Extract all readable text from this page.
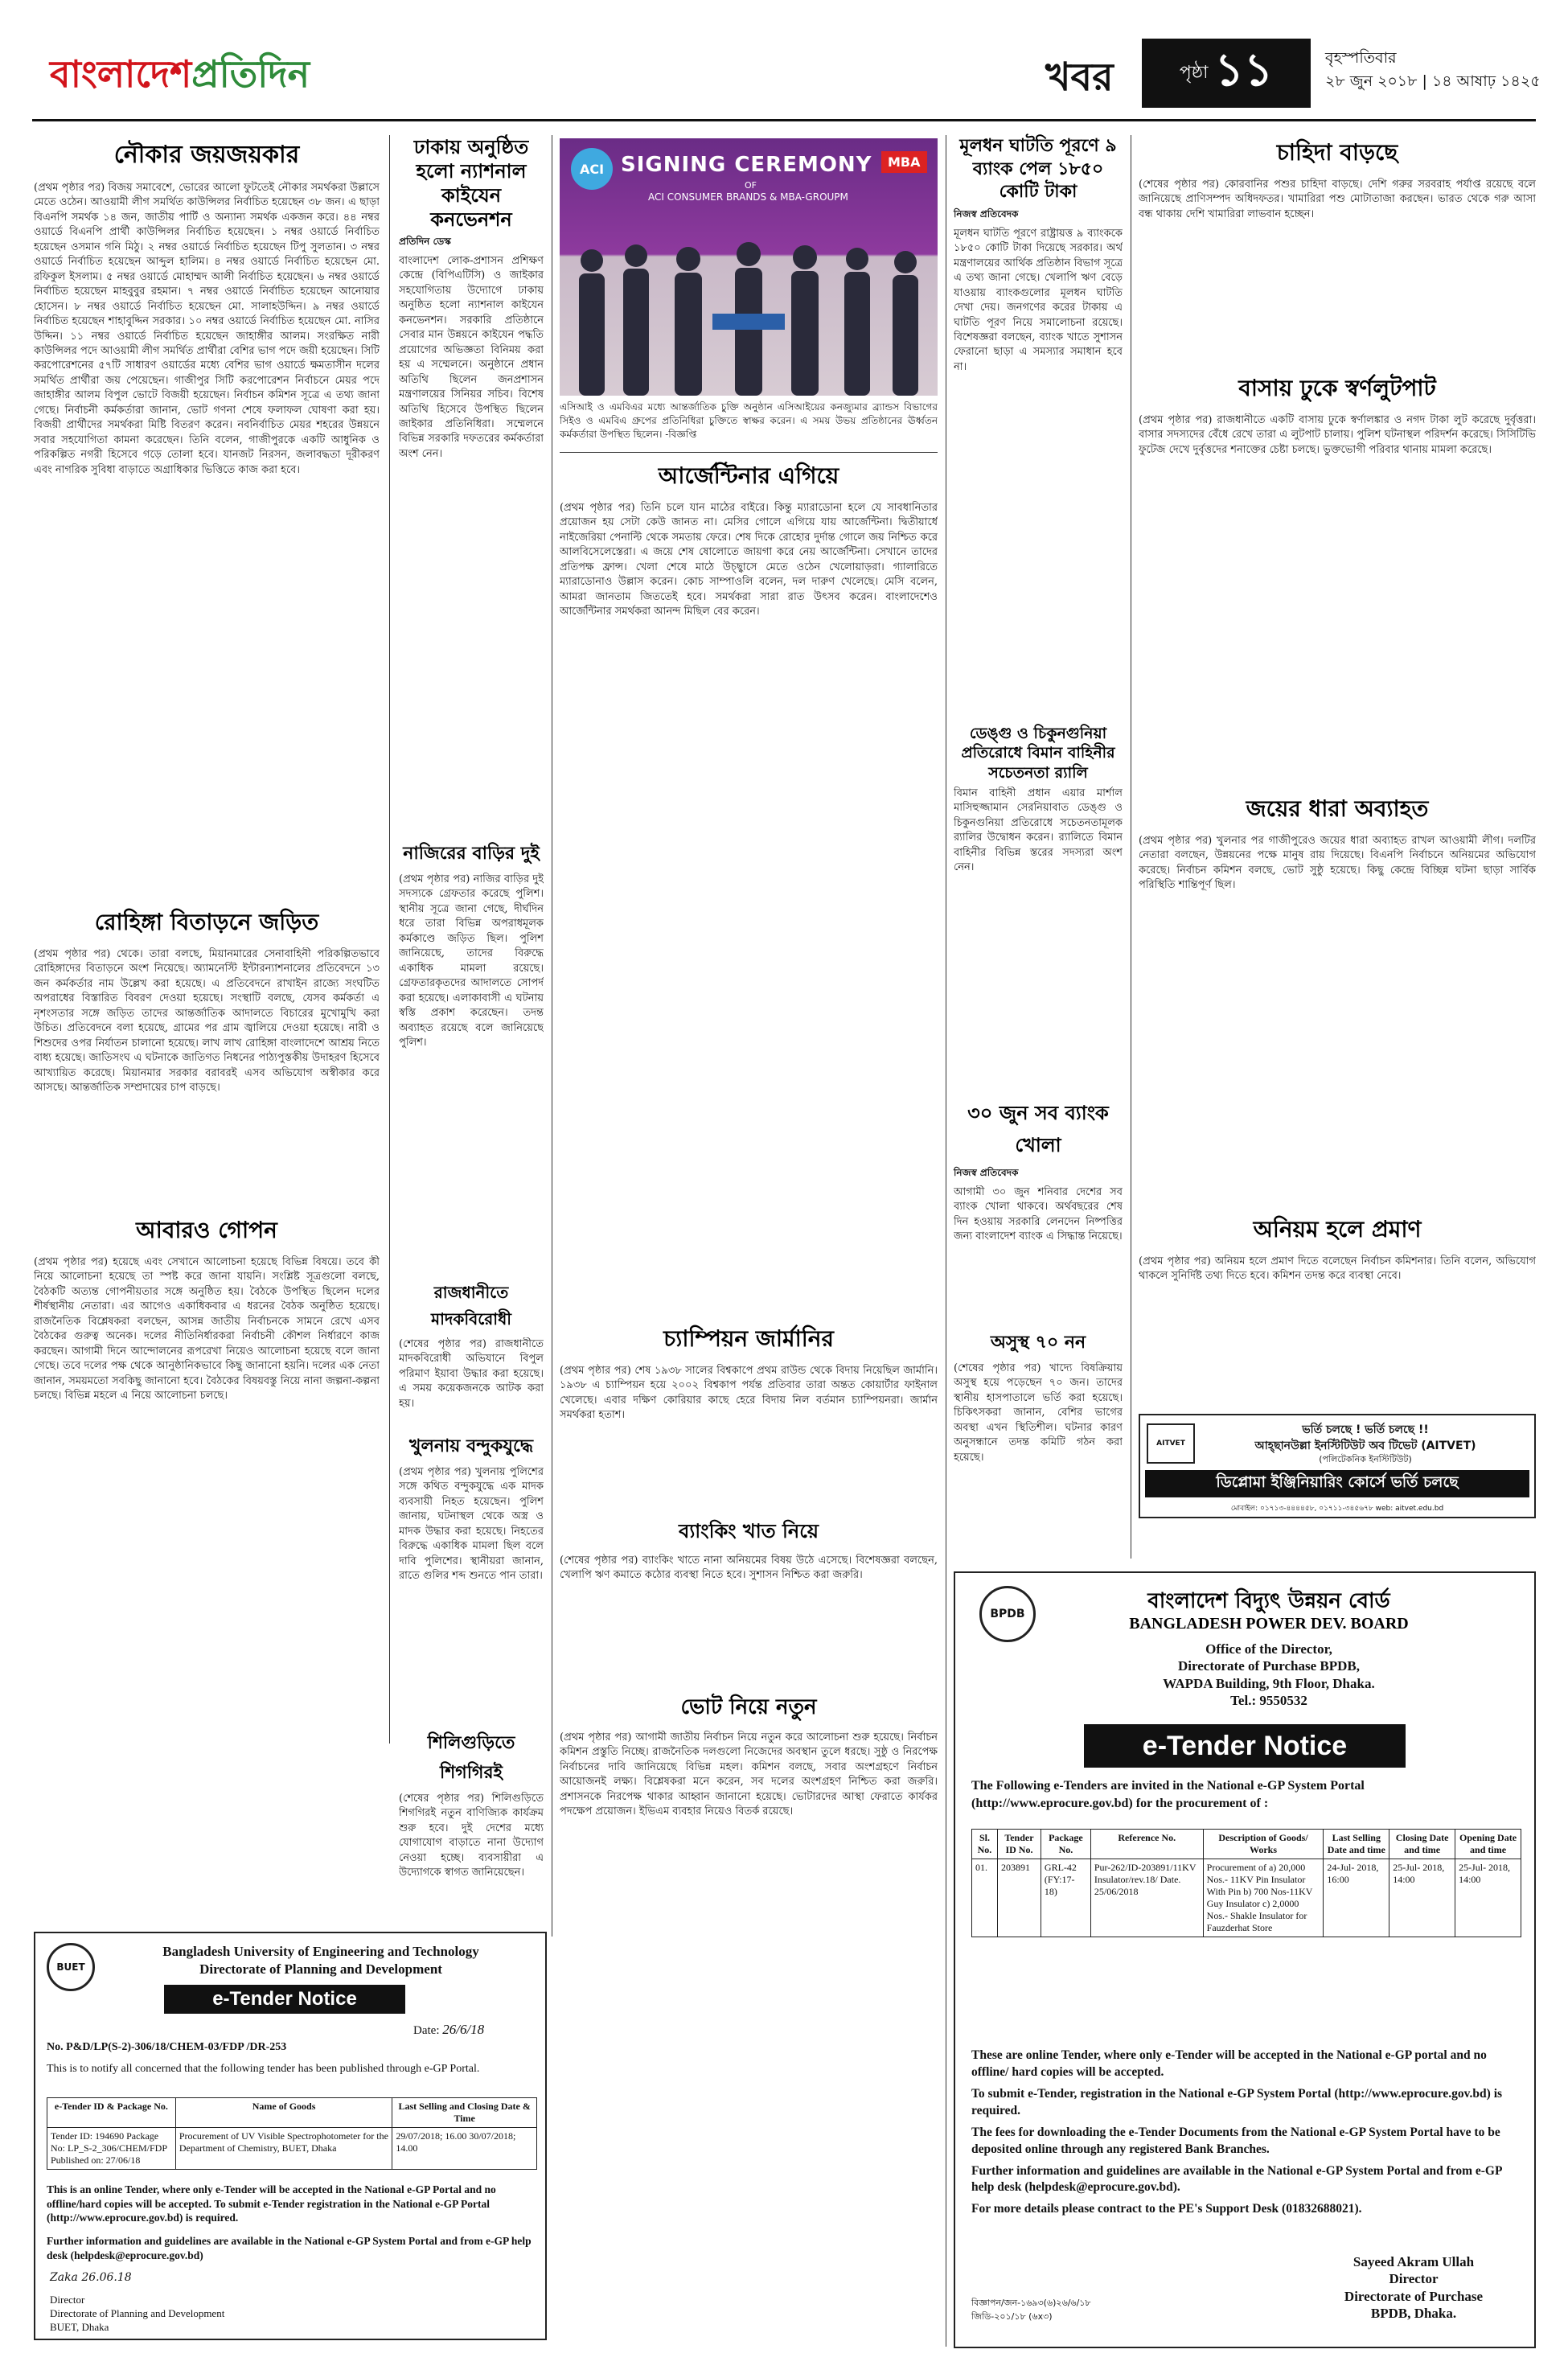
বাংলাদেশপ্রতিদিন	খবর	পৃষ্ঠা ১১	বৃহস্পতিবার
২৮ জুন ২০১৮ | ১৪ আষাঢ় ১৪২৫
নৌকার জয়জয়কার
(প্রথম পৃষ্ঠার পর) বিজয় সমাবেশে, ভোরের আলো ফুটতেই নৌকার সমর্থকরা উল্লাসে মেতে ওঠেন। আওয়ামী লীগ সমর্থিত কাউন্সিলর নির্বাচিত হয়েছেন ৩৮ জন। এ ছাড়া বিএনপি সমর্থক ১৪ জন, জাতীয় পার্টি ও অন্যান্য সমর্থক একজন করে। ৪৪ নম্বর ওয়ার্ডে বিএনপি প্রার্থী কাউন্সিলর নির্বাচিত হয়েছেন। ১ নম্বর ওয়ার্ডে নির্বাচিত হয়েছেন ওসমান গনি মিঠু। ২ নম্বর ওয়ার্ডে নির্বাচিত হয়েছেন টিপু সুলতান। ৩ নম্বর ওয়ার্ডে নির্বাচিত হয়েছেন আব্দুল হালিম। ৪ নম্বর ওয়ার্ডে নির্বাচিত হয়েছেন মো. রফিকুল ইসলাম। ৫ নম্বর ওয়ার্ডে মোহাম্মদ আলী নির্বাচিত হয়েছেন। ৬ নম্বর ওয়ার্ডে নির্বাচিত হয়েছেন মাহবুবুর রহমান। ৭ নম্বর ওয়ার্ডে নির্বাচিত হয়েছেন আনোয়ার হোসেন। ৮ নম্বর ওয়ার্ডে নির্বাচিত হয়েছেন মো. সালাহউদ্দিন। ৯ নম্বর ওয়ার্ডে নির্বাচিত হয়েছেন শাহাবুদ্দিন সরকার। ১০ নম্বর ওয়ার্ডে নির্বাচিত হয়েছেন মো. নাসির উদ্দিন। ১১ নম্বর ওয়ার্ডে নির্বাচিত হয়েছেন জাহাঙ্গীর আলম। সংরক্ষিত নারী কাউন্সিলর পদে আওয়ামী লীগ সমর্থিত প্রার্থীরা বেশির ভাগ পদে জয়ী হয়েছেন। সিটি করপোরেশনের ৫৭টি সাধারণ ওয়ার্ডের মধ্যে বেশির ভাগ ওয়ার্ডে ক্ষমতাসীন দলের সমর্থিত প্রার্থীরা জয় পেয়েছেন। গাজীপুর সিটি করপোরেশন নির্বাচনে মেয়র পদে জাহাঙ্গীর আলম বিপুল ভোটে বিজয়ী হয়েছেন। নির্বাচন কমিশন সূত্রে এ তথ্য জানা গেছে। নির্বাচনী কর্মকর্তারা জানান, ভোট গণনা শেষে ফলাফল ঘোষণা করা হয়। বিজয়ী প্রার্থীদের সমর্থকরা মিষ্টি বিতরণ করেন। নবনির্বাচিত মেয়র শহরের উন্নয়নে সবার সহযোগিতা কামনা করেছেন। তিনি বলেন, গাজীপুরকে একটি আধুনিক ও পরিকল্পিত নগরী হিসেবে গড়ে তোলা হবে। যানজট নিরসন, জলাবদ্ধতা দূরীকরণ এবং নাগরিক সুবিধা বাড়াতে অগ্রাধিকার ভিত্তিতে কাজ করা হবে।
রোহিঙ্গা বিতাড়নে জড়িত
(প্রথম পৃষ্ঠার পর) থেকে। তারা বলছে, মিয়ানমারের সেনাবাহিনী পরিকল্পিতভাবে রোহিঙ্গাদের বিতাড়নে অংশ নিয়েছে। অ্যামনেস্টি ইন্টারন্যাশনালের প্রতিবেদনে ১৩ জন কর্মকর্তার নাম উল্লেখ করা হয়েছে। এ প্রতিবেদনে রাখাইন রাজ্যে সংঘটিত অপরাধের বিস্তারিত বিবরণ দেওয়া হয়েছে। সংস্থাটি বলছে, যেসব কর্মকর্তা এ নৃশংসতার সঙ্গে জড়িত তাদের আন্তর্জাতিক আদালতে বিচারের মুখোমুখি করা উচিত। প্রতিবেদনে বলা হয়েছে, গ্রামের পর গ্রাম জ্বালিয়ে দেওয়া হয়েছে। নারী ও শিশুদের ওপর নির্যাতন চালানো হয়েছে। লাখ লাখ রোহিঙ্গা বাংলাদেশে আশ্রয় নিতে বাধ্য হয়েছে। জাতিসংঘ এ ঘটনাকে জাতিগত নিধনের পাঠ্যপুস্তকীয় উদাহরণ হিসেবে আখ্যায়িত করেছে। মিয়ানমার সরকার বরাবরই এসব অভিযোগ অস্বীকার করে আসছে। আন্তর্জাতিক সম্প্রদায়ের চাপ বাড়ছে।
আবারও গোপন
(প্রথম পৃষ্ঠার পর) হয়েছে এবং সেখানে আলোচনা হয়েছে বিভিন্ন বিষয়ে। তবে কী নিয়ে আলোচনা হয়েছে তা স্পষ্ট করে জানা যায়নি। সংশ্লিষ্ট সূত্রগুলো বলছে, বৈঠকটি অত্যন্ত গোপনীয়তার সঙ্গে অনুষ্ঠিত হয়। বৈঠকে উপস্থিত ছিলেন দলের শীর্ষস্থানীয় নেতারা। এর আগেও একাধিকবার এ ধরনের বৈঠক অনুষ্ঠিত হয়েছে। রাজনৈতিক বিশ্লেষকরা বলছেন, আসন্ন জাতীয় নির্বাচনকে সামনে রেখে এসব বৈঠকের গুরুত্ব অনেক। দলের নীতিনির্ধারকরা নির্বাচনী কৌশল নির্ধারণে কাজ করছেন। আগামী দিনে আন্দোলনের রূপরেখা নিয়েও আলোচনা হয়েছে বলে জানা গেছে। তবে দলের পক্ষ থেকে আনুষ্ঠানিকভাবে কিছু জানানো হয়নি। দলের এক নেতা জানান, সময়মতো সবকিছু জানানো হবে। বৈঠকের বিষয়বস্তু নিয়ে নানা জল্পনা-কল্পনা চলছে। বিভিন্ন মহলে এ নিয়ে আলোচনা চলছে।
ঢাকায় অনুষ্ঠিত হলো ন্যাশনাল কাইযেন কনভেনশন
প্রতিদিন ডেস্ক
বাংলাদেশ লোক-প্রশাসন প্রশিক্ষণ কেন্দ্রে (বিপিএটিসি) ও জাইকার সহযোগিতায় উদ্যোগে ঢাকায় অনুষ্ঠিত হলো ন্যাশনাল কাইযেন কনভেনশন। সরকারি প্রতিষ্ঠানে সেবার মান উন্নয়নে কাইযেন পদ্ধতি প্রয়োগের অভিজ্ঞতা বিনিময় করা হয় এ সম্মেলনে। অনুষ্ঠানে প্রধান অতিথি ছিলেন জনপ্রশাসন মন্ত্রণালয়ের সিনিয়র সচিব। বিশেষ অতিথি হিসেবে উপস্থিত ছিলেন জাইকার প্রতিনিধিরা। সম্মেলনে বিভিন্ন সরকারি দফতরের কর্মকর্তারা অংশ নেন।
নাজিরের বাড়ির দুই
(প্রথম পৃষ্ঠার পর) নাজির বাড়ির দুই সদস্যকে গ্রেফতার করেছে পুলিশ। স্থানীয় সূত্রে জানা গেছে, দীর্ঘদিন ধরে তারা বিভিন্ন অপরাধমূলক কর্মকাণ্ডে জড়িত ছিল। পুলিশ জানিয়েছে, তাদের বিরুদ্ধে একাধিক মামলা রয়েছে। গ্রেফতারকৃতদের আদালতে সোপর্দ করা হয়েছে। এলাকাবাসী এ ঘটনায় স্বস্তি প্রকাশ করেছেন। তদন্ত অব্যাহত রয়েছে বলে জানিয়েছে পুলিশ।
রাজধানীতে মাদকবিরোধী
(শেষের পৃষ্ঠার পর) রাজধানীতে মাদকবিরোধী অভিযানে বিপুল পরিমাণ ইয়াবা উদ্ধার করা হয়েছে। এ সময় কয়েকজনকে আটক করা হয়।
খুলনায় বন্দুকযুদ্ধে
(প্রথম পৃষ্ঠার পর) খুলনায় পুলিশের সঙ্গে কথিত বন্দুকযুদ্ধে এক মাদক ব্যবসায়ী নিহত হয়েছেন। পুলিশ জানায়, ঘটনাস্থল থেকে অস্ত্র ও মাদক উদ্ধার করা হয়েছে। নিহতের বিরুদ্ধে একাধিক মামলা ছিল বলে দাবি পুলিশের। স্থানীয়রা জানান, রাতে গুলির শব্দ শুনতে পান তারা।
শিলিগুড়িতে শিগগিরই
(শেষের পৃষ্ঠার পর) শিলিগুড়িতে শিগগিরই নতুন বাণিজ্যিক কার্যক্রম শুরু হবে। দুই দেশের মধ্যে যোগাযোগ বাড়াতে নানা উদ্যোগ নেওয়া হচ্ছে। ব্যবসায়ীরা এ উদ্যোগকে স্বাগত জানিয়েছেন।
ACI SIGNING CEREMONY
OF
ACI CONSUMER BRANDS & MBA-GROUPM
MBA
এসিআই ও এমবিএর মধ্যে আন্তর্জাতিক চুক্তি অনুষ্ঠান এসিআইয়ের কনজ্যুমার ব্র্যান্ডস বিভাগের সিইও ও এমবিএ গ্রুপের প্রতিনিধিরা চুক্তিতে স্বাক্ষর করেন। এ সময় উভয় প্রতিষ্ঠানের ঊর্ধ্বতন কর্মকর্তারা উপস্থিত ছিলেন। -বিজ্ঞপ্তি
আর্জেন্টিনার এগিয়ে
(প্রথম পৃষ্ঠার পর) তিনি চলে যান মাঠের বাইরে। কিন্তু ম্যারাডোনা হলে যে সাবধানিতার প্রয়োজন হয় সেটা কেউ জানত না। মেসির গোলে এগিয়ে যায় আর্জেন্টিনা। দ্বিতীয়ার্ধে নাইজেরিয়া পেনাল্টি থেকে সমতায় ফেরে। শেষ দিকে রোহোর দুর্দান্ত গোলে জয় নিশ্চিত করে আলবিসেলেস্তেরা। এ জয়ে শেষ ষোলোতে জায়গা করে নেয় আর্জেন্টিনা। সেখানে তাদের প্রতিপক্ষ ফ্রান্স। খেলা শেষে মাঠে উচ্ছ্বাসে মেতে ওঠেন খেলোয়াড়রা। গ্যালারিতে ম্যারাডোনাও উল্লাস করেন। কোচ সাম্পাওলি বলেন, দল দারুণ খেলেছে। মেসি বলেন, আমরা জানতাম জিততেই হবে। সমর্থকরা সারা রাত উৎসব করেন। বাংলাদেশেও আর্জেন্টিনার সমর্থকরা আনন্দ মিছিল বের করেন।
চ্যাম্পিয়ন জার্মানির
(প্রথম পৃষ্ঠার পর) শেষ ১৯৩৮ সালের বিশ্বকাপে প্রথম রাউন্ড থেকে বিদায় নিয়েছিল জার্মানি। ১৯৩৮ এ চ্যাম্পিয়ন হয়ে ২০০২ বিশ্বকাপ পর্যন্ত প্রতিবার তারা অন্তত কোয়ার্টার ফাইনাল খেলেছে। এবার দক্ষিণ কোরিয়ার কাছে হেরে বিদায় নিল বর্তমান চ্যাম্পিয়নরা। জার্মান সমর্থকরা হতাশ।
ব্যাংকিং খাত নিয়ে
(শেষের পৃষ্ঠার পর) ব্যাংকিং খাতে নানা অনিয়মের বিষয় উঠে এসেছে। বিশেষজ্ঞরা বলছেন, খেলাপি ঋণ কমাতে কঠোর ব্যবস্থা নিতে হবে। সুশাসন নিশ্চিত করা জরুরি।
ভোট নিয়ে নতুন
(প্রথম পৃষ্ঠার পর) আগামী জাতীয় নির্বাচন নিয়ে নতুন করে আলোচনা শুরু হয়েছে। নির্বাচন কমিশন প্রস্তুতি নিচ্ছে। রাজনৈতিক দলগুলো নিজেদের অবস্থান তুলে ধরছে। সুষ্ঠু ও নিরপেক্ষ নির্বাচনের দাবি জানিয়েছে বিভিন্ন মহল। কমিশন বলছে, সবার অংশগ্রহণে নির্বাচন আয়োজনই লক্ষ্য। বিশ্লেষকরা মনে করেন, সব দলের অংশগ্রহণ নিশ্চিত করা জরুরি। প্রশাসনকে নিরপেক্ষ থাকার আহ্বান জানানো হয়েছে। ভোটারদের আস্থা ফেরাতে কার্যকর পদক্ষেপ প্রয়োজন। ইভিএম ব্যবহার নিয়েও বিতর্ক রয়েছে।
মূলধন ঘাটতি পূরণে ৯ ব্যাংক পেল ১৮৫০ কোটি টাকা
নিজস্ব প্রতিবেদক
মূলধন ঘাটতি পূরণে রাষ্ট্রায়ত্ত ৯ ব্যাংককে ১৮৫০ কোটি টাকা দিয়েছে সরকার। অর্থ মন্ত্রণালয়ের আর্থিক প্রতিষ্ঠান বিভাগ সূত্রে এ তথ্য জানা গেছে। খেলাপি ঋণ বেড়ে যাওয়ায় ব্যাংকগুলোর মূলধন ঘাটতি দেখা দেয়। জনগণের করের টাকায় এ ঘাটতি পূরণ নিয়ে সমালোচনা রয়েছে। বিশেষজ্ঞরা বলছেন, ব্যাংক খাতে সুশাসন ফেরানো ছাড়া এ সমস্যার সমাধান হবে না।
ডেঙ্গু ও চিকুনগুনিয়া প্রতিরোধে বিমান বাহিনীর সচেতনতা র‌্যালি
বিমান বাহিনী প্রধান এয়ার মার্শাল মাসিহুজ্জামান সেরনিয়াবাত ডেঙ্গু ও চিকুনগুনিয়া প্রতিরোধে সচেতনতামূলক র‌্যালির উদ্বোধন করেন। র‌্যালিতে বিমান বাহিনীর বিভিন্ন স্তরের সদস্যরা অংশ নেন।
৩০ জুন সব ব্যাংক খোলা
নিজস্ব প্রতিবেদক
আগামী ৩০ জুন শনিবার দেশের সব ব্যাংক খোলা থাকবে। অর্থবছরের শেষ দিন হওয়ায় সরকারি লেনদেন নিষ্পত্তির জন্য বাংলাদেশ ব্যাংক এ সিদ্ধান্ত নিয়েছে।
অসুস্থ ৭০ নন
(শেষের পৃষ্ঠার পর) খাদ্যে বিষক্রিয়ায় অসুস্থ হয়ে পড়েছেন ৭০ জন। তাদের স্থানীয় হাসপাতালে ভর্তি করা হয়েছে। চিকিৎসকরা জানান, বেশির ভাগের অবস্থা এখন স্থিতিশীল। ঘটনার কারণ অনুসন্ধানে তদন্ত কমিটি গঠন করা হয়েছে।
চাহিদা বাড়ছে
(শেষের পৃষ্ঠার পর) কোরবানির পশুর চাহিদা বাড়ছে। দেশি গরুর সরবরাহ পর্যাপ্ত রয়েছে বলে জানিয়েছে প্রাণিসম্পদ অধিদফতর। খামারিরা পশু মোটাতাজা করছেন। ভারত থেকে গরু আসা বন্ধ থাকায় দেশি খামারিরা লাভবান হচ্ছেন।
বাসায় ঢুকে স্বর্ণলুটপাট
(প্রথম পৃষ্ঠার পর) রাজধানীতে একটি বাসায় ঢুকে স্বর্ণালঙ্কার ও নগদ টাকা লুট করেছে দুর্বৃত্তরা। বাসার সদস্যদের বেঁধে রেখে তারা এ লুটপাট চালায়। পুলিশ ঘটনাস্থল পরিদর্শন করেছে। সিসিটিভি ফুটেজ দেখে দুর্বৃত্তদের শনাক্তের চেষ্টা চলছে। ভুক্তভোগী পরিবার থানায় মামলা করেছে।
জয়ের ধারা অব্যাহত
(প্রথম পৃষ্ঠার পর) খুলনার পর গাজীপুরেও জয়ের ধারা অব্যাহত রাখল আওয়ামী লীগ। দলটির নেতারা বলছেন, উন্নয়নের পক্ষে মানুষ রায় দিয়েছে। বিএনপি নির্বাচনে অনিয়মের অভিযোগ করেছে। নির্বাচন কমিশন বলছে, ভোট সুষ্ঠু হয়েছে। কিছু কেন্দ্রে বিচ্ছিন্ন ঘটনা ছাড়া সার্বিক পরিস্থিতি শান্তিপূর্ণ ছিল।
অনিয়ম হলে প্রমাণ
(প্রথম পৃষ্ঠার পর) অনিয়ম হলে প্রমাণ দিতে বলেছেন নির্বাচন কমিশনার। তিনি বলেন, অভিযোগ থাকলে সুনির্দিষ্ট তথ্য দিতে হবে। কমিশন তদন্ত করে ব্যবস্থা নেবে।
AITVET
ভর্তি চলছে ! ভর্তি চলছে !!
আহ্‌ছানউল্লা ইনস্টিটিউট অব টিভেট (AITVET)
(পলিটেকনিক ইনস্টিটিউট)
ডিপ্লোমা ইঞ্জিনিয়ারিং কোর্সে ভর্তি চলছে
মোবাইল: ০১৭১৩-৪৪৪৪৫৮, ০১৭১১-৩৪৫৬৭৮ web: aitvet.edu.bd
BPDB
বাংলাদেশ বিদ্যুৎ উন্নয়ন বোর্ড
BANGLADESH POWER DEV. BOARD
Office of the Director,
Directorate of Purchase BPDB,
WAPDA Building, 9th Floor, Dhaka.
Tel.: 9550532
e-Tender Notice
The Following e-Tenders are invited in the National e-GP System Portal (http://www.eprocure.gov.bd) for the procurement of :
Sl. No.	Tender ID No.	Package No.	Reference No.	Description of Goods/ Works	Last Selling Date and time	Closing Date and time	Opening Date and time
01.	203891	GRL-42 (FY:17-18)	Pur-262/ID-203891/11KV Insulator/rev.18/ Date. 25/06/2018	Procurement of a) 20,000 Nos.- 11KV Pin Insulator With Pin b) 700 Nos-11KV Guy Insulator c) 2,0000 Nos.- Shakle Insulator for Fauzderhat Store	24-Jul- 2018, 16:00	25-Jul- 2018, 14:00	25-Jul- 2018, 14:00

These are online Tender, where only e-Tender will be accepted in the National e-GP portal and no offline/ hard copies will be accepted.

To submit e-Tender, registration in the National e-GP System Portal (http://www.eprocure.gov.bd) is required.

The fees for downloading the e-Tender Documents from the National e-GP System Portal have to be deposited online through any registered Bank Branches.

Further information and guidelines are available in the National e-GP System Portal and from e-GP help desk (helpdesk@eprocure.gov.bd).

For more details please contract to the PE's Support Desk (01832688021).

Sayeed Akram Ullah
Director
Directorate of Purchase
BPDB, Dhaka.
বিজ্ঞাপন/জন-১৬৯৩(৬)২৬/৬/১৮
জিডি-২০১/১৮ (৬x৩)
BUET
Bangladesh University of Engineering and Technology
Directorate of Planning and Development
e-Tender Notice
Date: 26/6/18
No. P&D/LP(S-2)-306/18/CHEM-03/FDP /DR-253
This is to notify all concerned that the following tender has been published through e-GP Portal.
e-Tender ID & Package No.	Name of Goods	Last Selling and Closing Date & Time
Tender ID: 194690 Package No: LP_S-2_306/CHEM/FDP Published on: 27/06/18	Procurement of UV Visible Spectrophotometer for the Department of Chemistry, BUET, Dhaka	29/07/2018; 16.00 30/07/2018; 14.00
This is an online Tender, where only e-Tender will be accepted in the National e-GP Portal and no offline/hard copies will be accepted. To submit e-Tender registration in the National e-GP Portal (http://www.eprocure.gov.bd) is required.
Further information and guidelines are available in the National e-GP System Portal and from e-GP help desk (helpdesk@eprocure.gov.bd)
Zaka 26.06.18
Director
Directorate of Planning and Development
BUET, Dhaka
